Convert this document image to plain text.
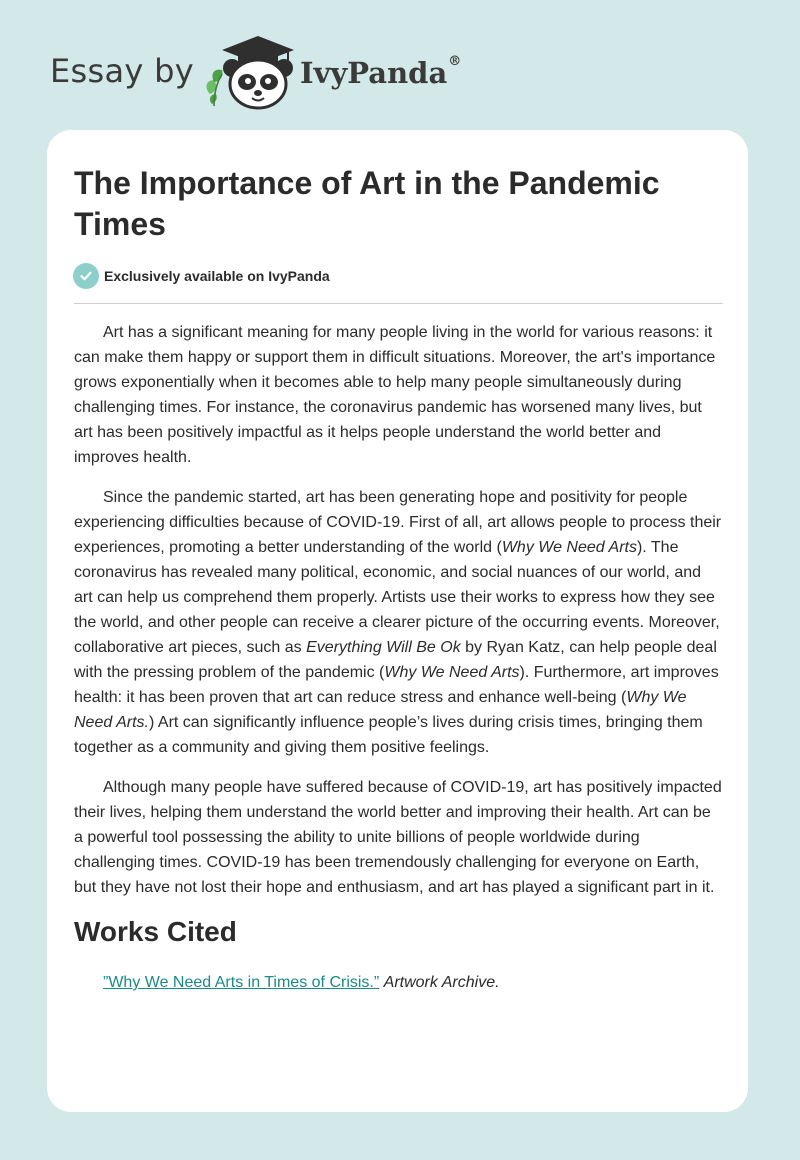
Essay by	IvyPanda®
The Importance of Art in the Pandemic Times
Exclusively available on IvyPanda

Art has a significant meaning for many people living in the world for various reasons: it can make them happy or support them in difficult situations. Moreover, the art's importance grows exponentially when it becomes able to help many people simultaneously during challenging times. For instance, the coronavirus pandemic has worsened many lives, but art has been positively impactful as it helps people understand the world better and improves health.

Since the pandemic started, art has been generating hope and positivity for people experiencing difficulties because of COVID-19. First of all, art allows people to process their experiences, promoting a better understanding of the world (Why We Need Arts). The coronavirus has revealed many political, economic, and social nuances of our world, and art can help us comprehend them properly. Artists use their works to express how they see the world, and other people can receive a clearer picture of the occurring events. Moreover, collaborative art pieces, such as Everything Will Be Ok by Ryan Katz, can help people deal with the pressing problem of the pandemic (Why We Need Arts). Furthermore, art improves health: it has been proven that art can reduce stress and enhance well-being (Why We Need Arts.) Art can significantly influence people’s lives during crisis times, bringing them together as a community and giving them positive feelings.

Although many people have suffered because of COVID-19, art has positively impacted their lives, helping them understand the world better and improving their health. Art can be a powerful tool possessing the ability to unite billions of people worldwide during challenging times. COVID-19 has been tremendously challenging for everyone on Earth, but they have not lost their hope and enthusiasm, and art has played a significant part in it.

Works Cited
”Why We Need Arts in Times of Crisis.” Artwork Archive.
